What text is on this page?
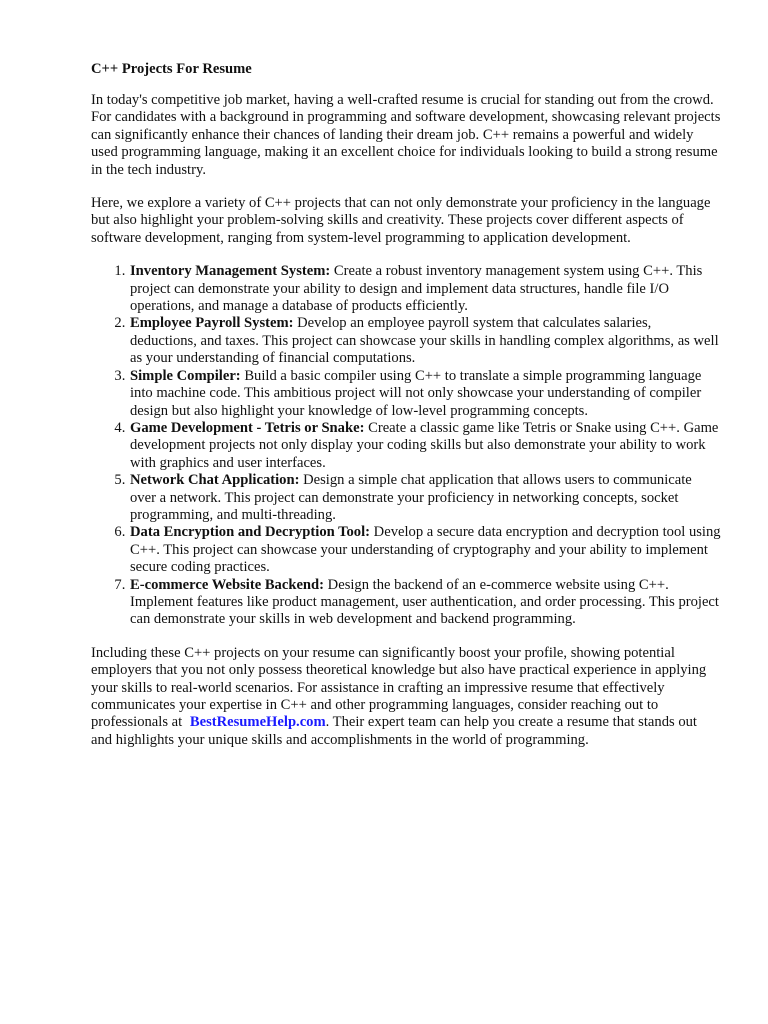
C++ Projects For Resume

In today's competitive job market, having a well-crafted resume is crucial for standing out from the crowd. For candidates with a background in programming and software development, showcasing relevant projects can significantly enhance their chances of landing their dream job. C++ remains a powerful and widely used programming language, making it an excellent choice for individuals looking to build a strong resume in the tech industry.

Here, we explore a variety of C++ projects that can not only demonstrate your proficiency in the language but also highlight your problem-solving skills and creativity. These projects cover different aspects of software development, ranging from system-level programming to application development.

1. Inventory Management System: Create a robust inventory management system using C++. This project can demonstrate your ability to design and implement data structures, handle file I/O operations, and manage a database of products efficiently.
2. Employee Payroll System: Develop an employee payroll system that calculates salaries, deductions, and taxes. This project can showcase your skills in handling complex algorithms, as well as your understanding of financial computations.
3. Simple Compiler: Build a basic compiler using C++ to translate a simple programming language into machine code. This ambitious project will not only showcase your understanding of compiler design but also highlight your knowledge of low-level programming concepts.
4. Game Development - Tetris or Snake: Create a classic game like Tetris or Snake using C++. Game development projects not only display your coding skills but also demonstrate your ability to work with graphics and user interfaces.
5. Network Chat Application: Design a simple chat application that allows users to communicate over a network. This project can demonstrate your proficiency in networking concepts, socket programming, and multi-threading.
6. Data Encryption and Decryption Tool: Develop a secure data encryption and decryption tool using C++. This project can showcase your understanding of cryptography and your ability to implement secure coding practices.
7. E-commerce Website Backend: Design the backend of an e-commerce website using C++. Implement features like product management, user authentication, and order processing. This project can demonstrate your skills in web development and backend programming.

Including these C++ projects on your resume can significantly boost your profile, showing potential employers that you not only possess theoretical knowledge but also have practical experience in applying your skills to real-world scenarios. For assistance in crafting an impressive resume that effectively communicates your expertise in C++ and other programming languages, consider reaching out to professionals at BestResumeHelp.com. Their expert team can help you create a resume that stands out and highlights your unique skills and accomplishments in the world of programming.
